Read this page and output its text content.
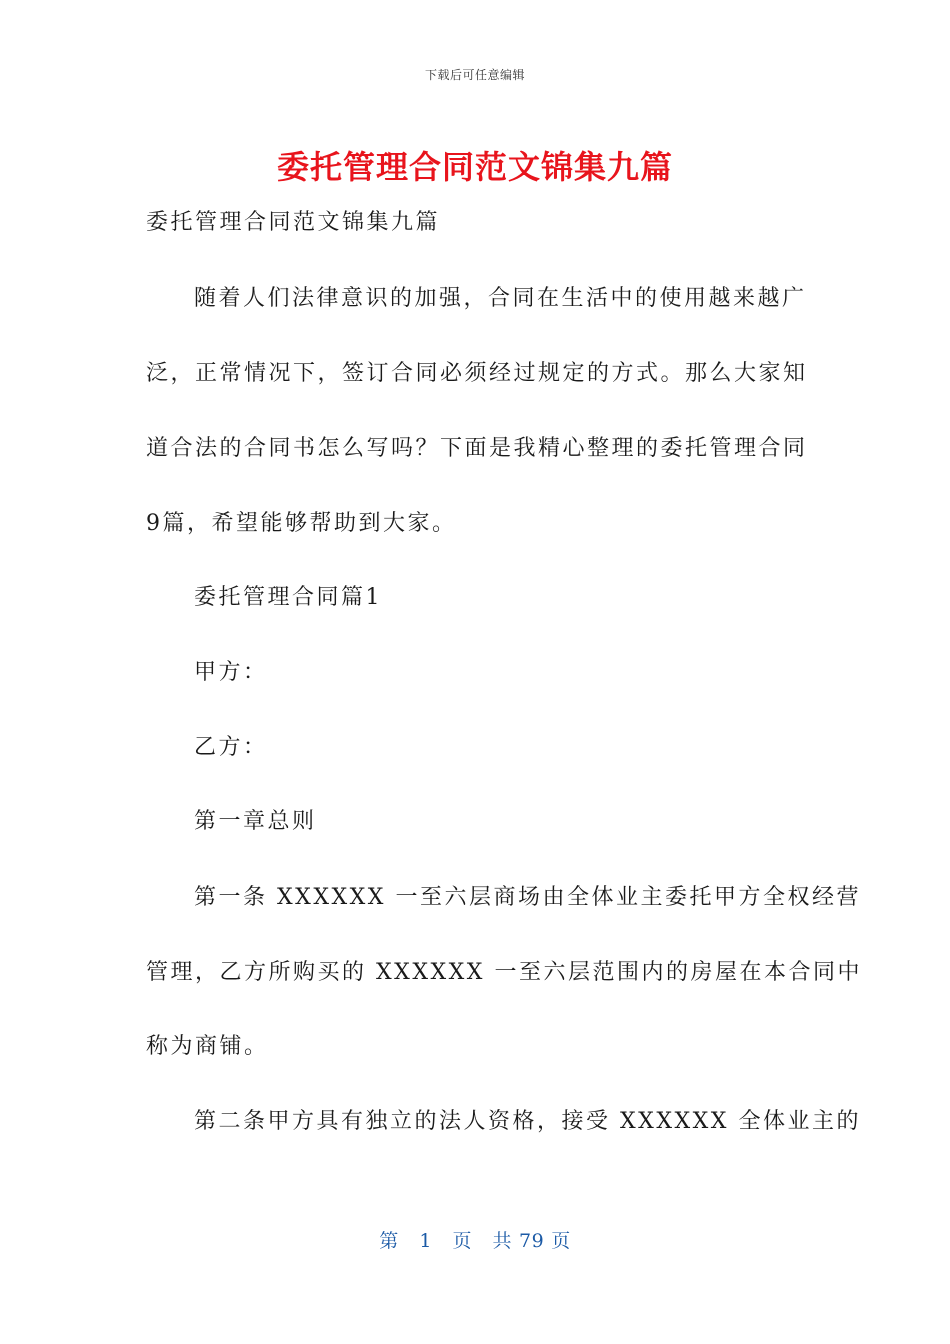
下载后可任意编辑
委托管理合同范文锦集九篇
委托管理合同范文锦集九篇
随着人们法律意识的加强，合同在生活中的使用越来越广
泛，正常情况下，签订合同必须经过规定的方式。那么大家知
道合法的合同书怎么写吗？下面是我精心整理的委托管理合同
9篇，希望能够帮助到大家。
委托管理合同篇1
甲方：
乙方：
第一章总则
第一条 XXXXXX 一至六层商场由全体业主委托甲方全权经营
管理，乙方所购买的 XXXXXX 一至六层范围内的房屋在本合同中
称为商铺。
第二条甲方具有独立的法人资格，接受 XXXXXX 全体业主的
第 1 页 共 79 页
